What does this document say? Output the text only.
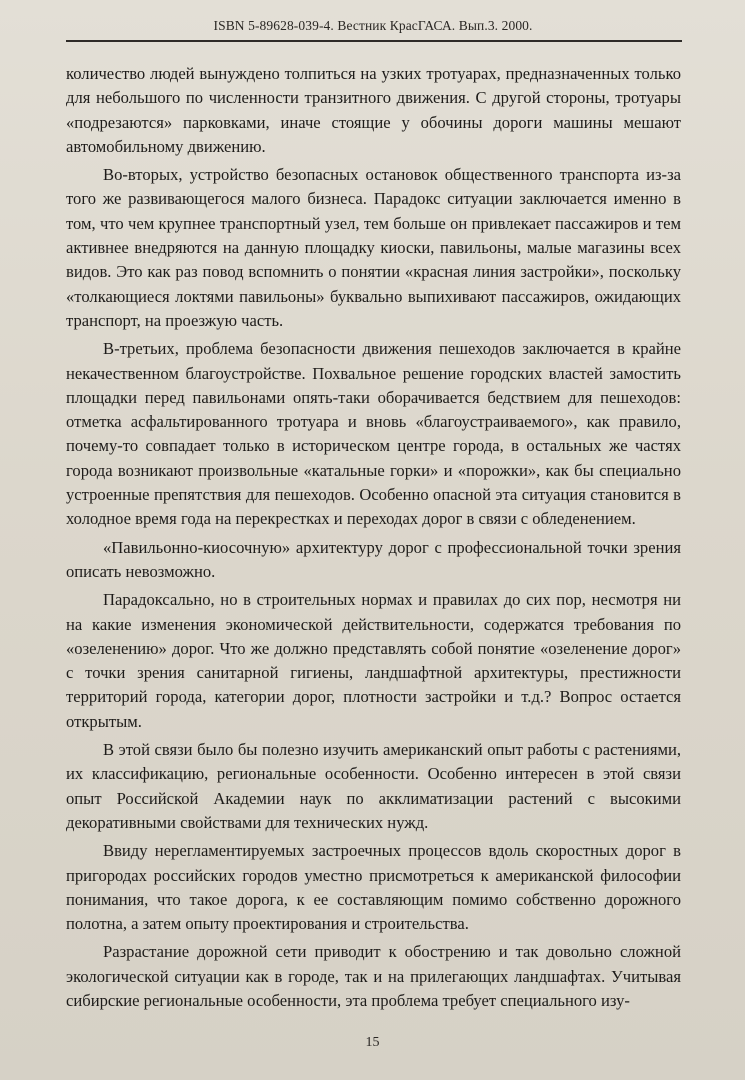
ISBN 5-89628-039-4. Вестник КрасГАСА. Вып.3. 2000.

количество людей вынуждено толпиться на узких тротуарах, предназначенных только для небольшого по численности транзитного движения. С другой стороны, тротуары «подрезаются» парковками, иначе стоящие у обочины дороги машины мешают автомобильному движению.

Во-вторых, устройство безопасных остановок общественного транспорта из-за того же развивающегося малого бизнеса. Парадокс ситуации заключается именно в том, что чем крупнее транспортный узел, тем больше он привлекает пассажиров и тем активнее внедряются на данную площадку киоски, павильоны, малые магазины всех видов. Это как раз повод вспомнить о понятии «красная линия застройки», поскольку «толкающиеся локтями павильоны» буквально выпихивают пассажиров, ожидающих транспорт, на проезжую часть.

В-третьих, проблема безопасности движения пешеходов заключается в крайне некачественном благоустройстве. Похвальное решение городских властей замостить площадки перед павильонами опять-таки оборачивается бедствием для пешеходов: отметка асфальтированного тротуара и вновь «благоустраиваемого», как правило, почему-то совпадает только в историческом центре города, в остальных же частях города возникают произвольные «катальные горки» и «порожки», как бы специально устроенные препятствия для пешеходов. Особенно опасной эта ситуация становится в холодное время года на перекрестках и переходах дорог в связи с обледенением.

«Павильонно-киосочную» архитектуру дорог с профессиональной точки зрения описать невозможно.

Парадоксально, но в строительных нормах и правилах до сих пор, несмотря ни на какие изменения экономической действительности, содержатся требования по «озеленению» дорог. Что же должно представлять собой понятие «озеленение дорог» с точки зрения санитарной гигиены, ландшафтной архитектуры, престижности территорий города, категории дорог, плотности застройки и т.д.? Вопрос остается открытым.

В этой связи было бы полезно изучить американский опыт работы с растениями, их классификацию, региональные особенности. Особенно интересен в этой связи опыт Российской Академии наук по акклиматизации растений с высокими декоративными свойствами для технических нужд.

Ввиду нерегламентируемых застроечных процессов вдоль скоростных дорог в пригородах российских городов уместно присмотреться к американской философии понимания, что такое дорога, к ее составляющим помимо собственно дорожного полотна, а затем опыту проектирования и строительства.

Разрастание дорожной сети приводит к обострению и так довольно сложной экологической ситуации как в городе, так и на прилегающих ландшафтах. Учитывая сибирские региональные особенности, эта проблема требует специального изу-

15
